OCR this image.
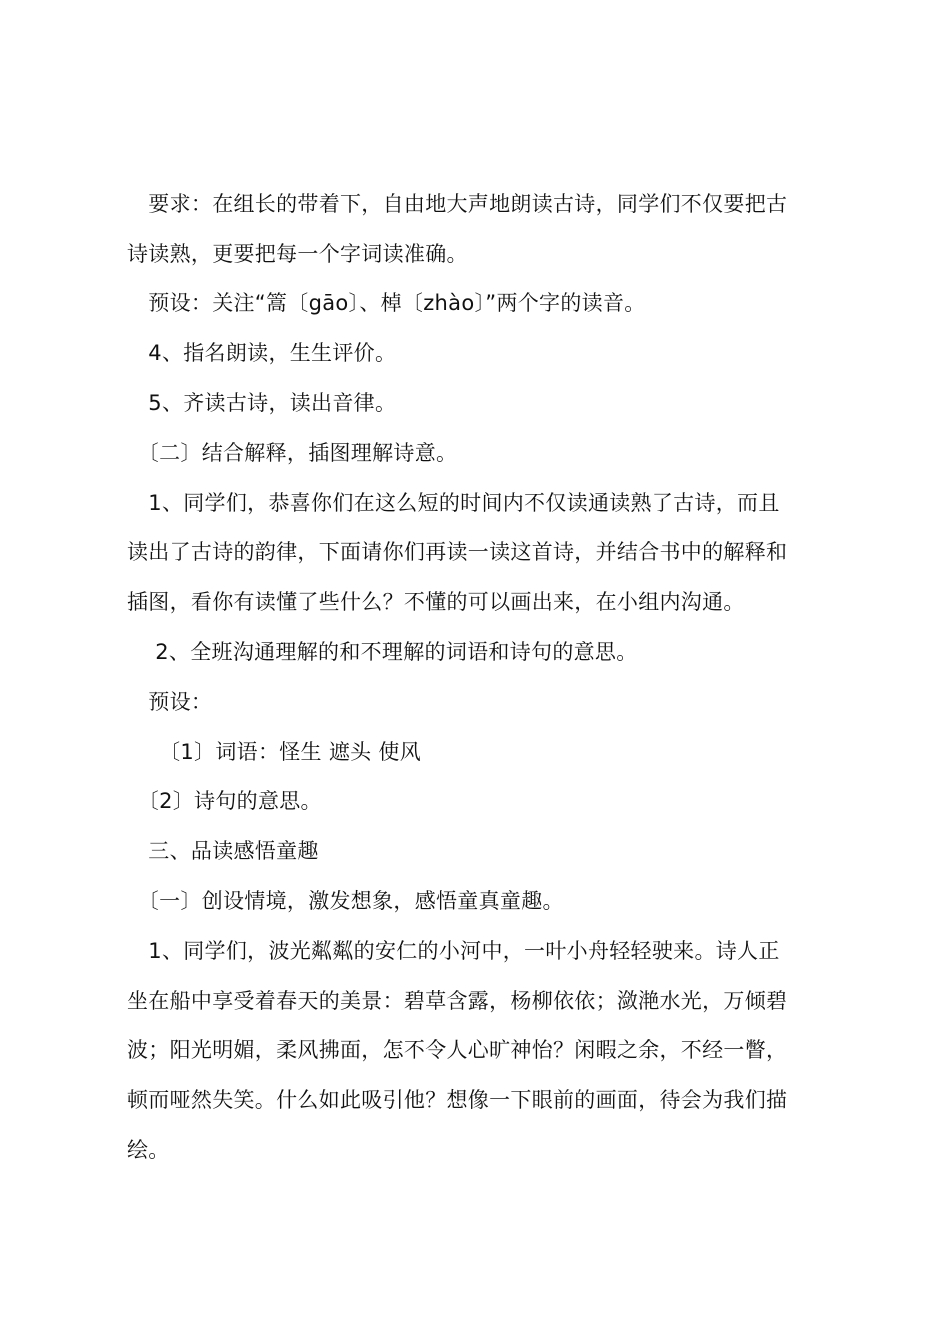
　要求：在组长的带着下，自由地大声地朗读古诗，同学们不仅要把古
诗读熟，更要把每一个字词读准确。
　预设：关注“篙〔gāo〕、棹〔zhào〕”两个字的读音。
　4、指名朗读，生生评价。
　5、齐读古诗，读出音律。
　〔二〕结合解释，插图理解诗意。
　1、同学们，恭喜你们在这么短的时间内不仅读通读熟了古诗，而且
读出了古诗的韵律，下面请你们再读一读这首诗，并结合书中的解释和
插图，看你有读懂了些什么？不懂的可以画出来，在小组内沟通。
　 2、全班沟通理解的和不理解的词语和诗句的意思。
　预设：
　　〔1〕词语：怪生 遮头 使风
　〔2〕诗句的意思。
　三、品读感悟童趣
　〔一〕创设情境，激发想象，感悟童真童趣。
　1、同学们，波光粼粼的安仁的小河中，一叶小舟轻轻驶来。诗人正
坐在船中享受着春天的美景：碧草含露，杨柳依依；潋滟水光，万倾碧
波；阳光明媚，柔风拂面，怎不令人心旷神怡？闲暇之余，不经一瞥，
顿而哑然失笑。什么如此吸引他？想像一下眼前的画面，待会为我们描
绘。
